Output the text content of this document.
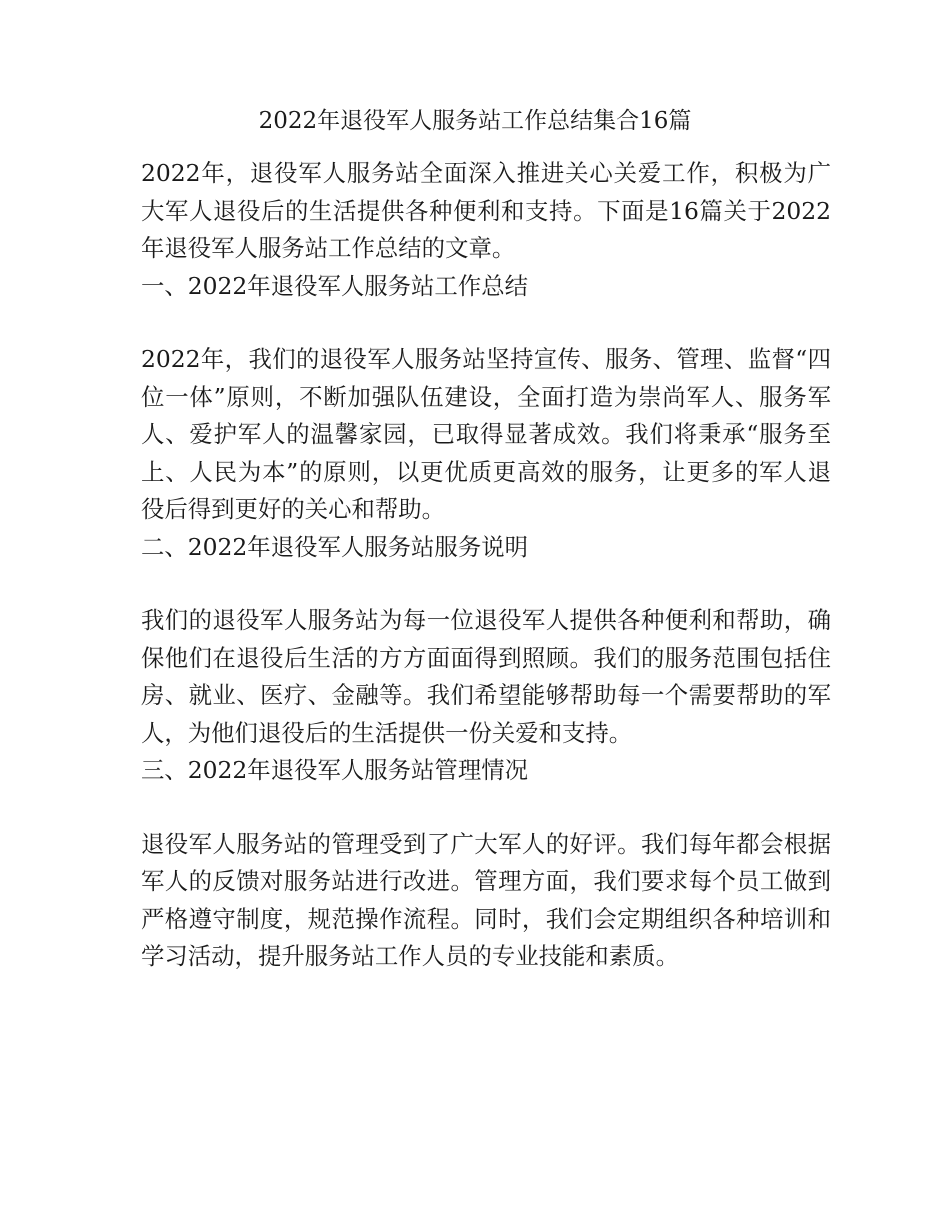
2022年退役军人服务站工作总结集合16篇

2022年，退役军人服务站全面深入推进关心关爱工作，积极为广大军人退役后的生活提供各种便利和支持。下面是16篇关于2022年退役军人服务站工作总结的文章。

一、2022年退役军人服务站工作总结

2022年，我们的退役军人服务站坚持宣传、服务、管理、监督“四位一体”原则，不断加强队伍建设，全面打造为崇尚军人、服务军人、爱护军人的温馨家园，已取得显著成效。我们将秉承“服务至上、人民为本”的原则，以更优质更高效的服务，让更多的军人退役后得到更好的关心和帮助。

二、2022年退役军人服务站服务说明

我们的退役军人服务站为每一位退役军人提供各种便利和帮助，确保他们在退役后生活的方方面面得到照顾。我们的服务范围包括住房、就业、医疗、金融等。我们希望能够帮助每一个需要帮助的军人，为他们退役后的生活提供一份关爱和支持。

三、2022年退役军人服务站管理情况

退役军人服务站的管理受到了广大军人的好评。我们每年都会根据军人的反馈对服务站进行改进。管理方面，我们要求每个员工做到严格遵守制度，规范操作流程。同时，我们会定期组织各种培训和学习活动，提升服务站工作人员的专业技能和素质。
